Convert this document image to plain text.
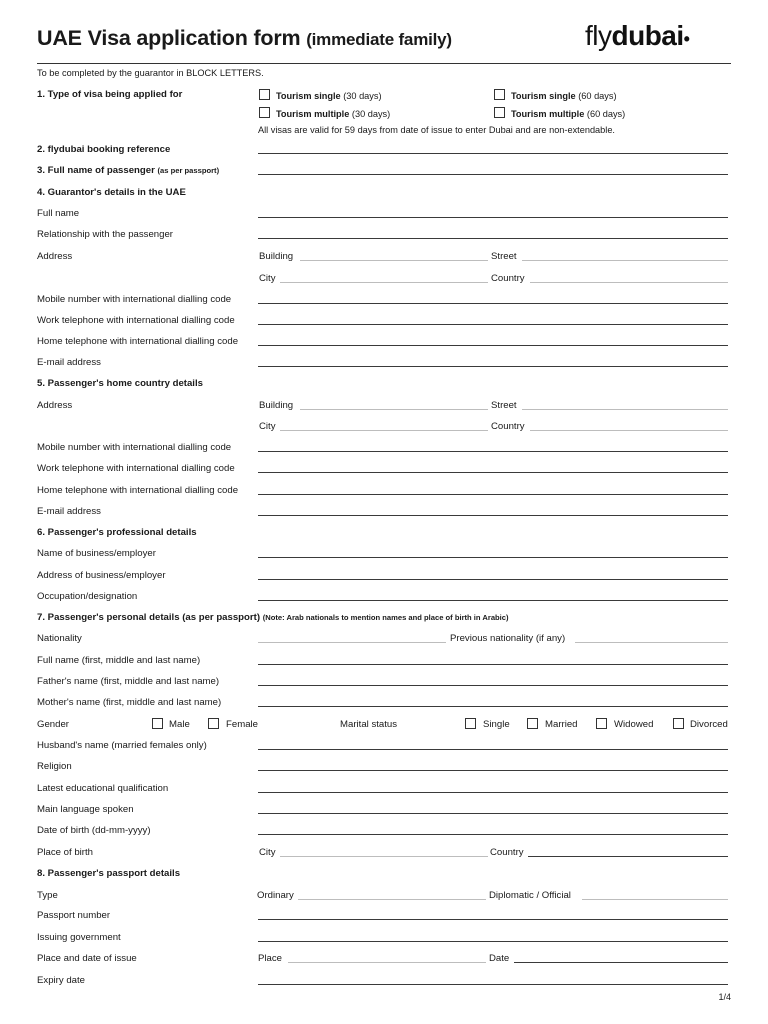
UAE Visa application form (immediate family)	flydubai•
To be completed by the guarantor in BLOCK LETTERS.
1. Type of visa being applied for	Tourism single (30 days)	Tourism single (60 days)
Tourism multiple (30 days)	Tourism multiple (60 days)
All visas are valid for 59 days from date of issue to enter Dubai and are non-extendable.
2. flydubai booking reference
3. Full name of passenger (as per passport)
4. Guarantor's details in the UAE
Full name
Relationship with the passenger
Address	Building	Street
City	Country
Mobile number with international dialling code
Work telephone with international dialling code
Home telephone with international dialling code
E-mail address
5. Passenger's home country details
Address	Building	Street
City	Country
Mobile number with international dialling code
Work telephone with international dialling code
Home telephone with international dialling code
E-mail address
6. Passenger's professional details
Name of business/employer
Address of business/employer
Occupation/designation
7. Passenger's personal details (as per passport) (Note: Arab nationals to mention names and place of birth in Arabic)
Nationality	Previous nationality (if any)
Full name (first, middle and last name)
Father's name (first, middle and last name)
Mother's name (first, middle and last name)
Gender	Male	Female	Marital status	Single	Married	Widowed	Divorced
Husband's name (married females only)
Religion
Latest educational qualification
Main language spoken
Date of birth (dd-mm-yyyy)
Place of birth	City	Country
8. Passenger's passport details
Type	Ordinary	Diplomatic / Official
Passport number
Issuing government
Place and date of issue	Place	Date
Expiry date
1/4
